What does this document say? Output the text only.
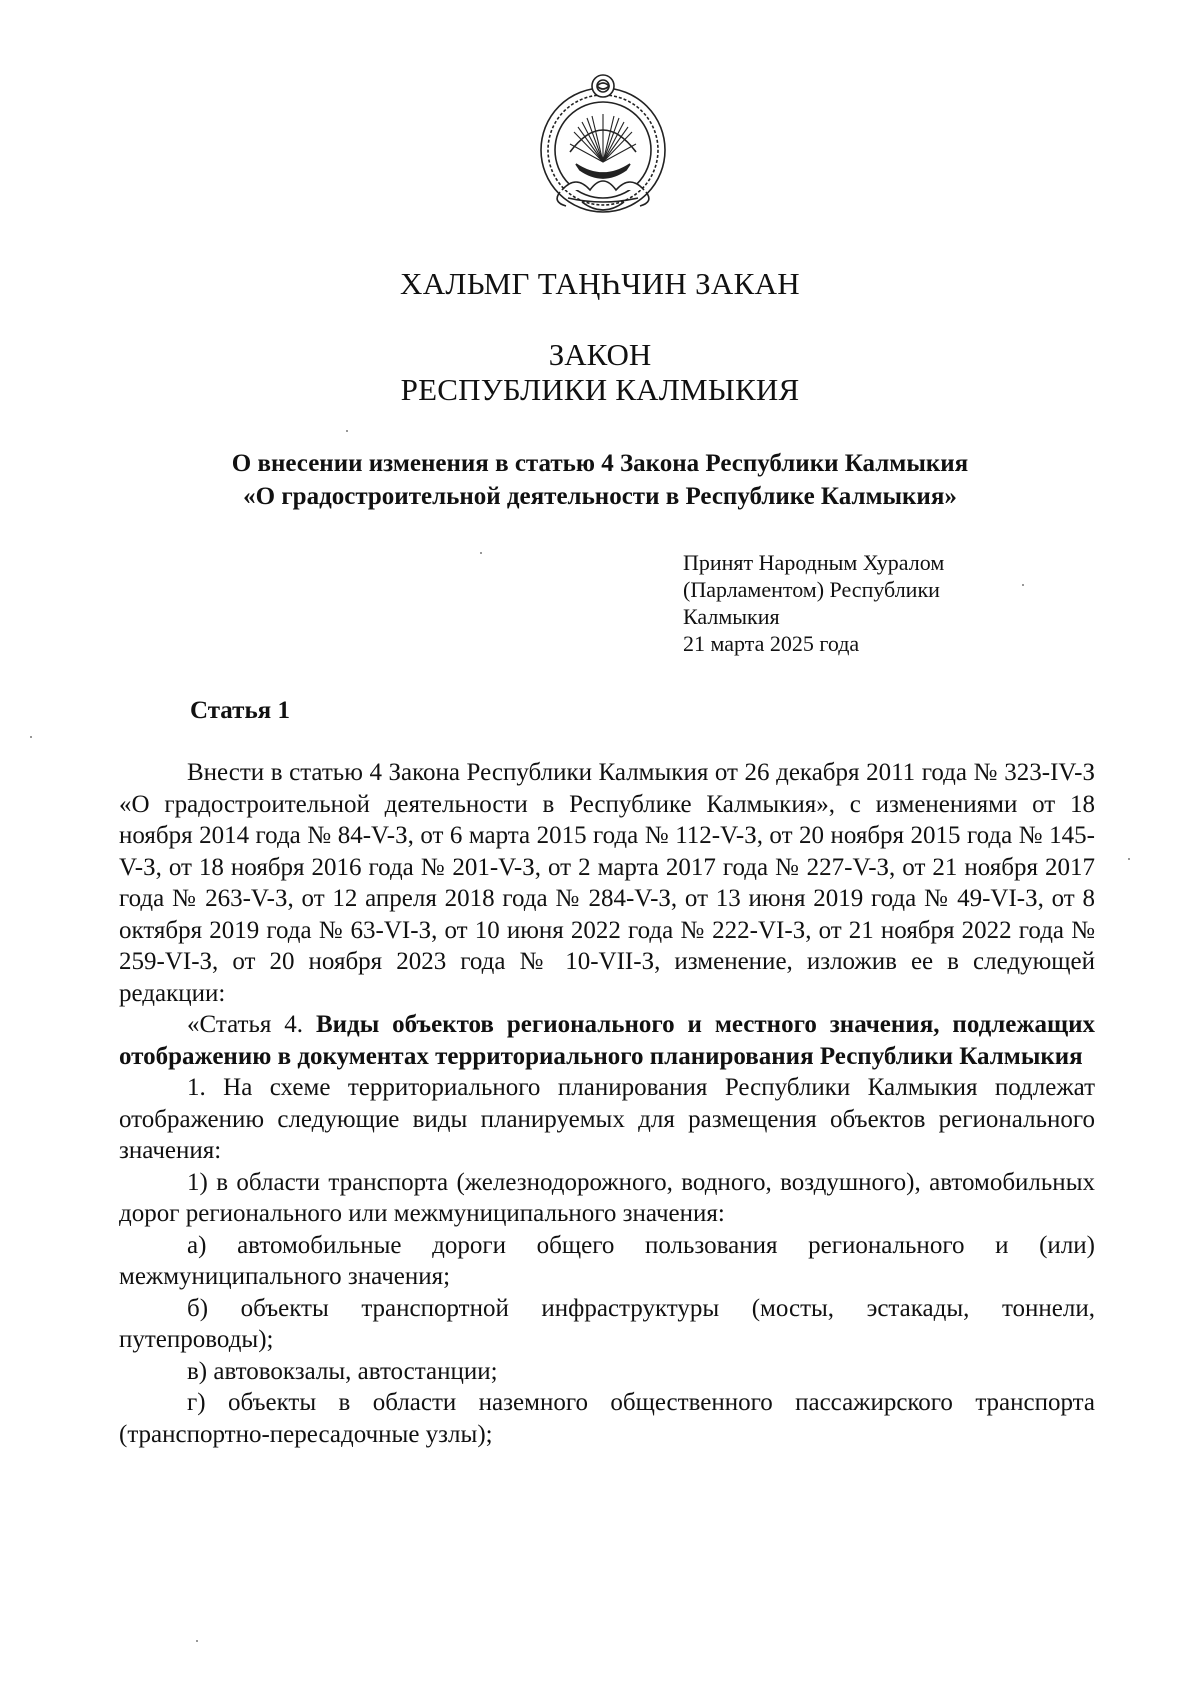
ХАЛЬМГ ТАҢҺЧИН ЗАКАН
ЗАКОН
РЕСПУБЛИКИ КАЛМЫКИЯ
О внесении изменения в статью 4 Закона Республики Калмыкия
«О градостроительной деятельности в Республике Калмыкия»
Принят Народным Хуралом
(Парламентом) Республики
Калмыкия
21 марта 2025 года
Статья 1

Внести в статью 4 Закона Республики Калмыкия от 26 декабря 2011 года № 323-IV-З «О градостроительной деятельности в Республике Калмыкия», с изменениями от 18 ноября 2014 года № 84-V-З, от 6 марта 2015 года № 112-V-З, от 20 ноября 2015 года № 145-V-З, от 18 ноября 2016 года № 201-V-З, от 2 марта 2017 года № 227-V-З, от 21 ноября 2017 года № 263-V-З, от 12 апреля 2018 года № 284-V-З, от 13 июня 2019 года № 49-VI-З, от 8 октября 2019 года № 63-VI-З, от 10 июня 2022 года № 222-VI-З, от 21 ноября 2022 года № 259-VI-З, от 20 ноября 2023 года № 10-VII-З, изменение, изложив ее в следующей редакции:

«Статья 4. Виды объектов регионального и местного значения, подлежащих отображению в документах территориального планирования Республики Калмыкия

1. На схеме территориального планирования Республики Калмыкия подлежат отображению следующие виды планируемых для размещения объектов регионального значения:

1) в области транспорта (железнодорожного, водного, воздушного), автомобильных дорог регионального или межмуниципального значения:

а) автомобильные дороги общего пользования регионального и (или) межмуниципального значения;

б) объекты транспортной инфраструктуры (мосты, эстакады, тоннели, путепроводы);

в) автовокзалы, автостанции;

г) объекты в области наземного общественного пассажирского транспорта (транспортно-пересадочные узлы);
